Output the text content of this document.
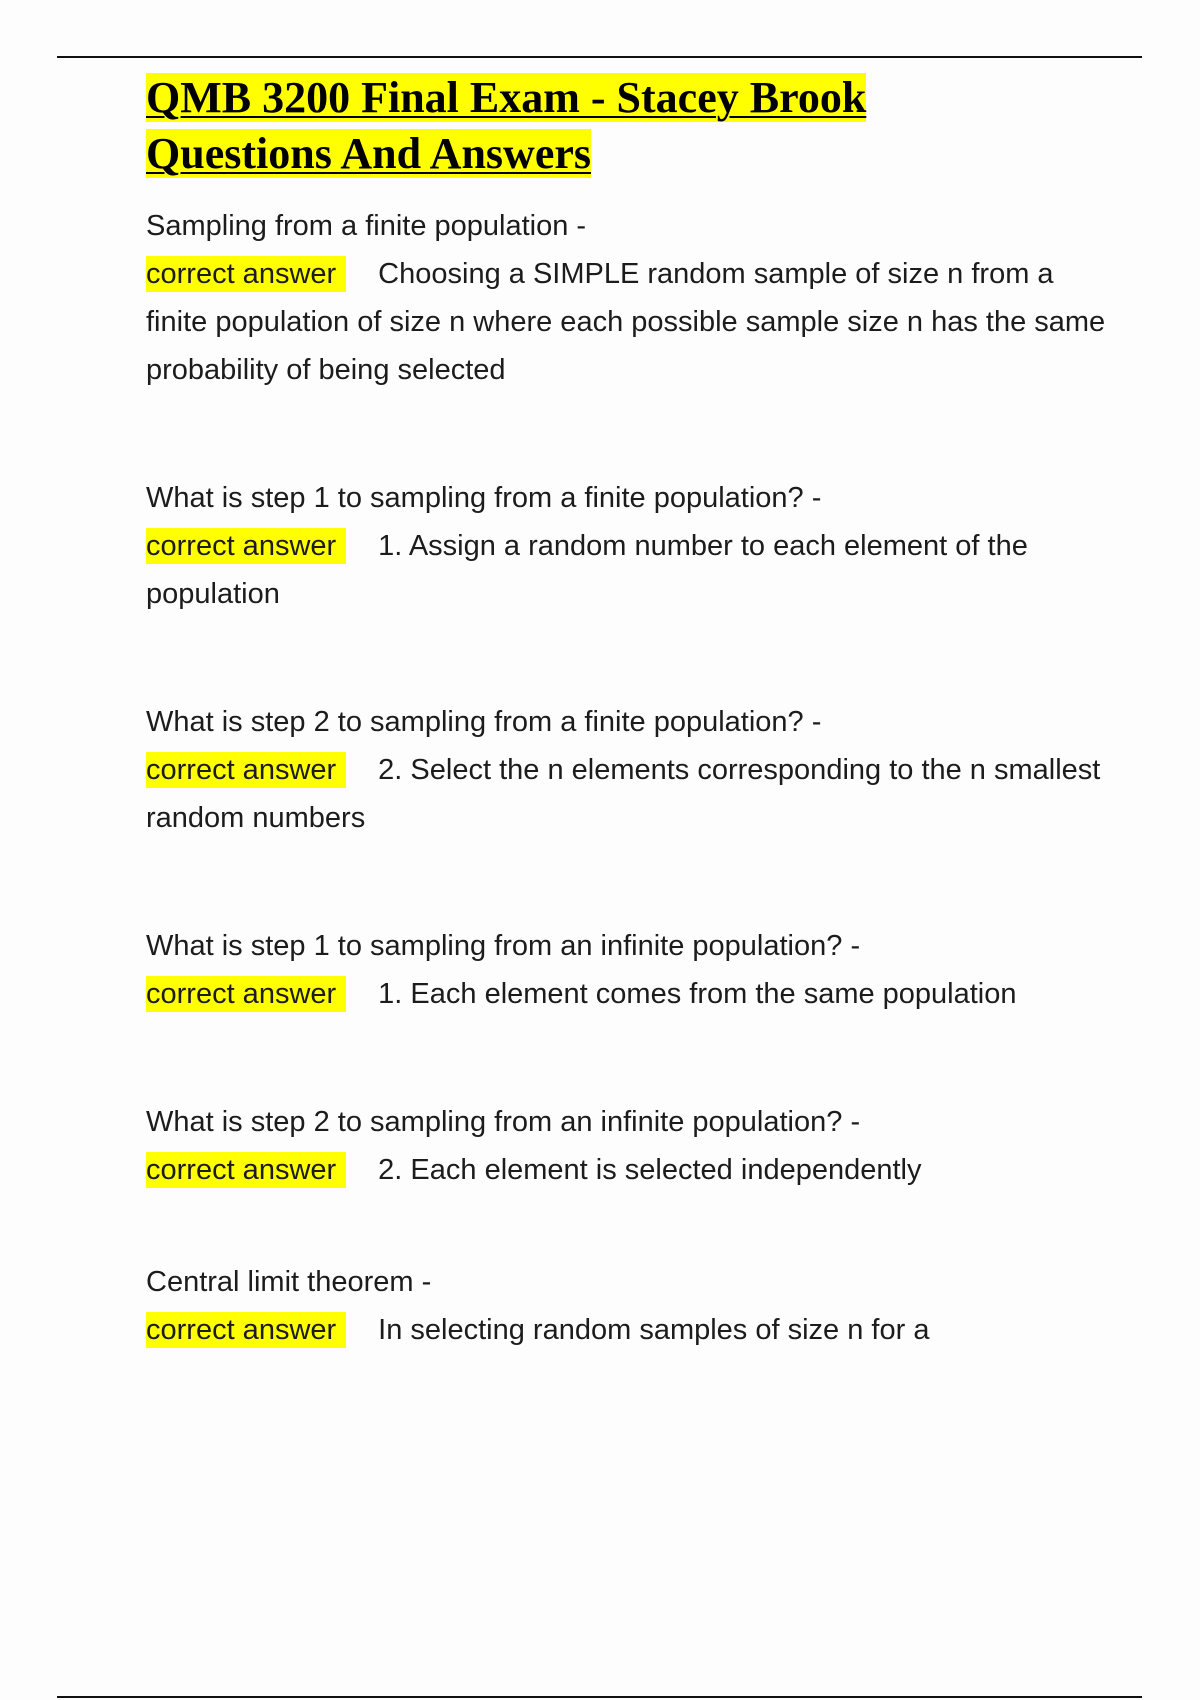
QMB 3200 Final Exam - Stacey Brook
Questions And Answers
Sampling from a finite population -
correct answer Choosing a SIMPLE random sample of size n from a finite population of size n where each possible sample size n has the same probability of being selected
What is step 1 to sampling from a finite population? -
correct answer 1. Assign a random number to each element of the population
What is step 2 to sampling from a finite population? -
correct answer 2. Select the n elements corresponding to the n smallest random numbers
What is step 1 to sampling from an infinite population? -
correct answer 1. Each element comes from the same population
What is step 2 to sampling from an infinite population? -
correct answer 2. Each element is selected independently
Central limit theorem -
correct answer In selecting random samples of size n for a
